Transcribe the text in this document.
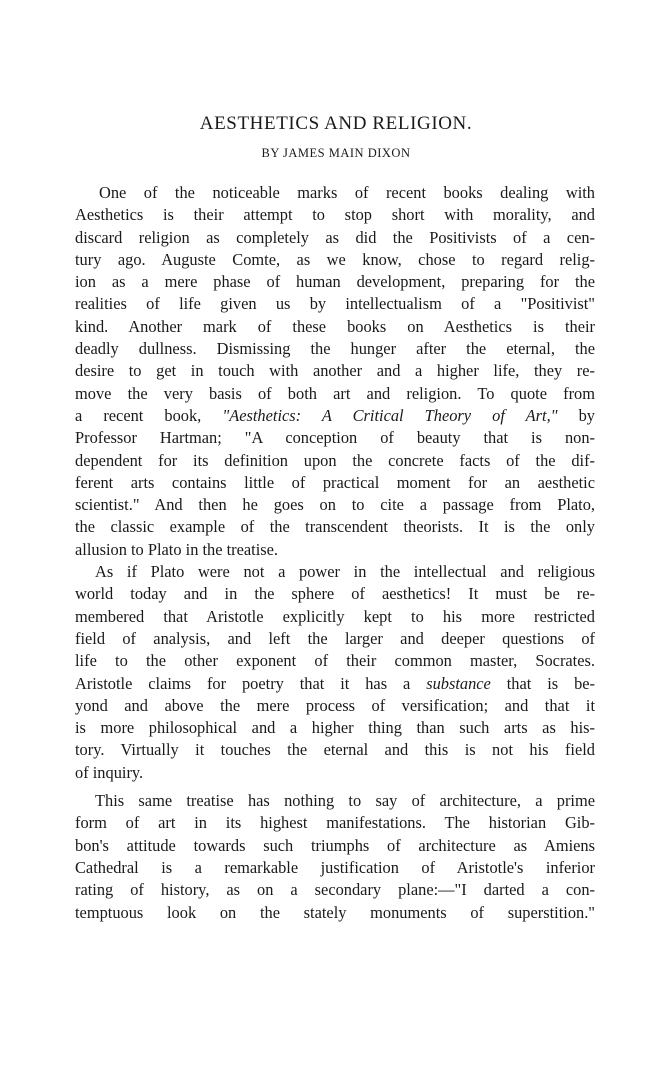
AESTHETICS AND RELIGION.
BY JAMES MAIN DIXON

One of the noticeable marks of recent books dealing with
Aesthetics is their attempt to stop short with morality, and
discard religion as completely as did the Positivists of a cen-
tury ago. Auguste Comte, as we know, chose to regard relig-
ion as a mere phase of human development, preparing for the
realities of life given us by intellectualism of a "Positivist"
kind. Another mark of these books on Aesthetics is their
deadly dullness. Dismissing the hunger after the eternal, the
desire to get in touch with another and a higher life, they re-
move the very basis of both art and religion. To quote from
a recent book, "Aesthetics: A Critical Theory of Art," by
Professor Hartman; "A conception of beauty that is non-
dependent for its definition upon the concrete facts of the dif-
ferent arts contains little of practical moment for an aesthetic
scientist." And then he goes on to cite a passage from Plato,
the classic example of the transcendent theorists. It is the only
allusion to Plato in the treatise.

As if Plato were not a power in the intellectual and religious
world today and in the sphere of aesthetics! It must be re-
membered that Aristotle explicitly kept to his more restricted
field of analysis, and left the larger and deeper questions of
life to the other exponent of their common master, Socrates.
Aristotle claims for poetry that it has a substance that is be-
yond and above the mere process of versification; and that it
is more philosophical and a higher thing than such arts as his-
tory. Virtually it touches the eternal and this is not his field
of inquiry.

This same treatise has nothing to say of architecture, a prime
form of art in its highest manifestations. The historian Gib-
bon's attitude towards such triumphs of architecture as Amiens
Cathedral is a remarkable justification of Aristotle's inferior
rating of history, as on a secondary plane:—"I darted a con-
temptuous look on the stately monuments of superstition."
